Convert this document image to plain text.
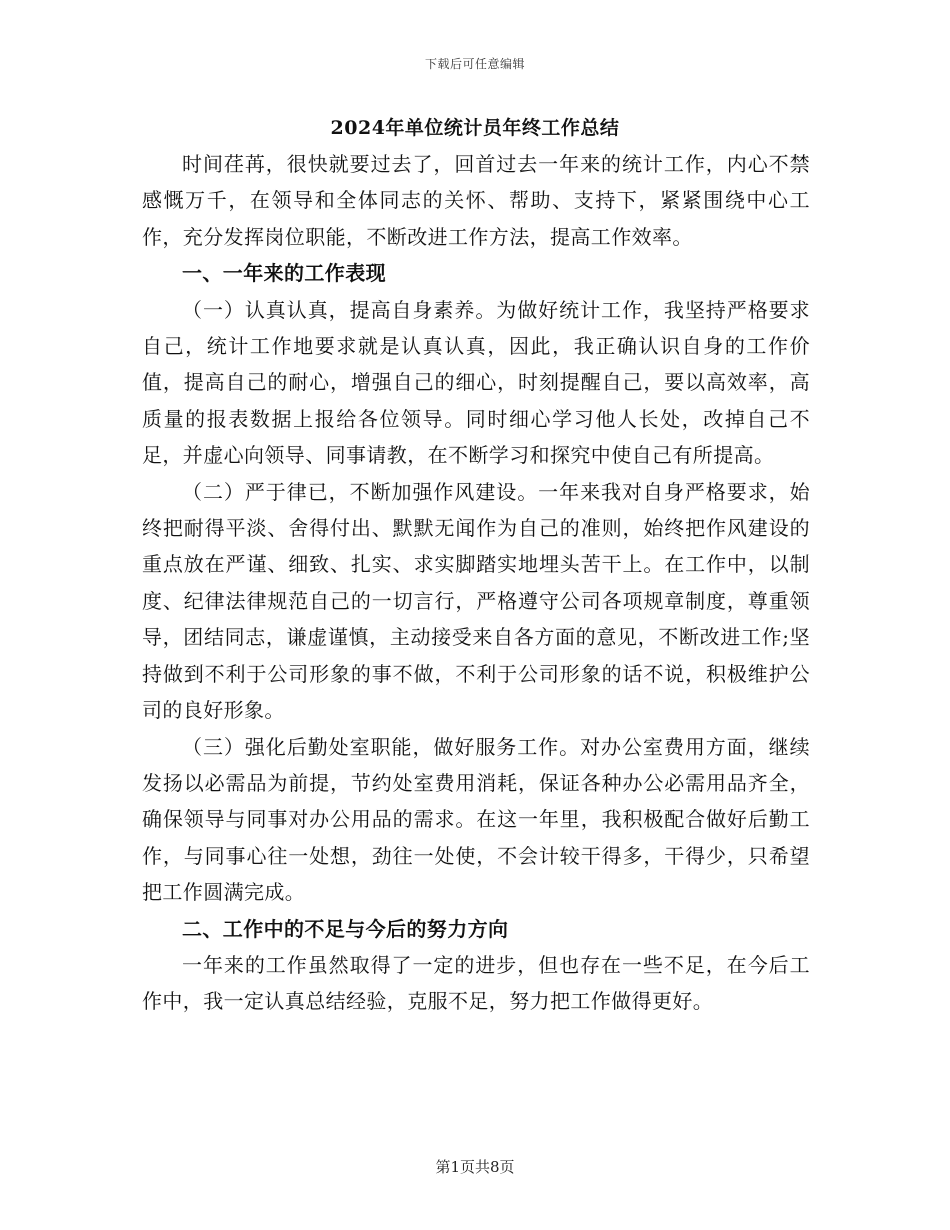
下载后可任意编辑
2024年单位统计员年终工作总结

时间荏苒，很快就要过去了，回首过去一年来的统计工作，内心不禁感慨万千，在领导和全体同志的关怀、帮助、支持下，紧紧围绕中心工作，充分发挥岗位职能，不断改进工作方法，提高工作效率。

一、一年来的工作表现

（一）认真认真，提高自身素养。为做好统计工作，我坚持严格要求自己，统计工作地要求就是认真认真，因此，我正确认识自身的工作价值，提高自己的耐心，增强自己的细心，时刻提醒自己，要以高效率，高质量的报表数据上报给各位领导。同时细心学习他人长处，改掉自己不足，并虚心向领导、同事请教，在不断学习和探究中使自己有所提高。

（二）严于律已，不断加强作风建设。一年来我对自身严格要求，始终把耐得平淡、舍得付出、默默无闻作为自己的准则，始终把作风建设的重点放在严谨、细致、扎实、求实脚踏实地埋头苦干上。在工作中，以制度、纪律法律规范自己的一切言行，严格遵守公司各项规章制度，尊重领导，团结同志，谦虚谨慎，主动接受来自各方面的意见，不断改进工作;坚持做到不利于公司形象的事不做，不利于公司形象的话不说，积极维护公司的良好形象。

（三）强化后勤处室职能，做好服务工作。对办公室费用方面，继续发扬以必需品为前提，节约处室费用消耗，保证各种办公必需用品齐全，确保领导与同事对办公用品的需求。在这一年里，我积极配合做好后勤工作，与同事心往一处想，劲往一处使，不会计较干得多，干得少，只希望把工作圆满完成。

二、工作中的不足与今后的努力方向

一年来的工作虽然取得了一定的进步，但也存在一些不足，在今后工作中，我一定认真总结经验，克服不足，努力把工作做得更好。

第1页共8页
